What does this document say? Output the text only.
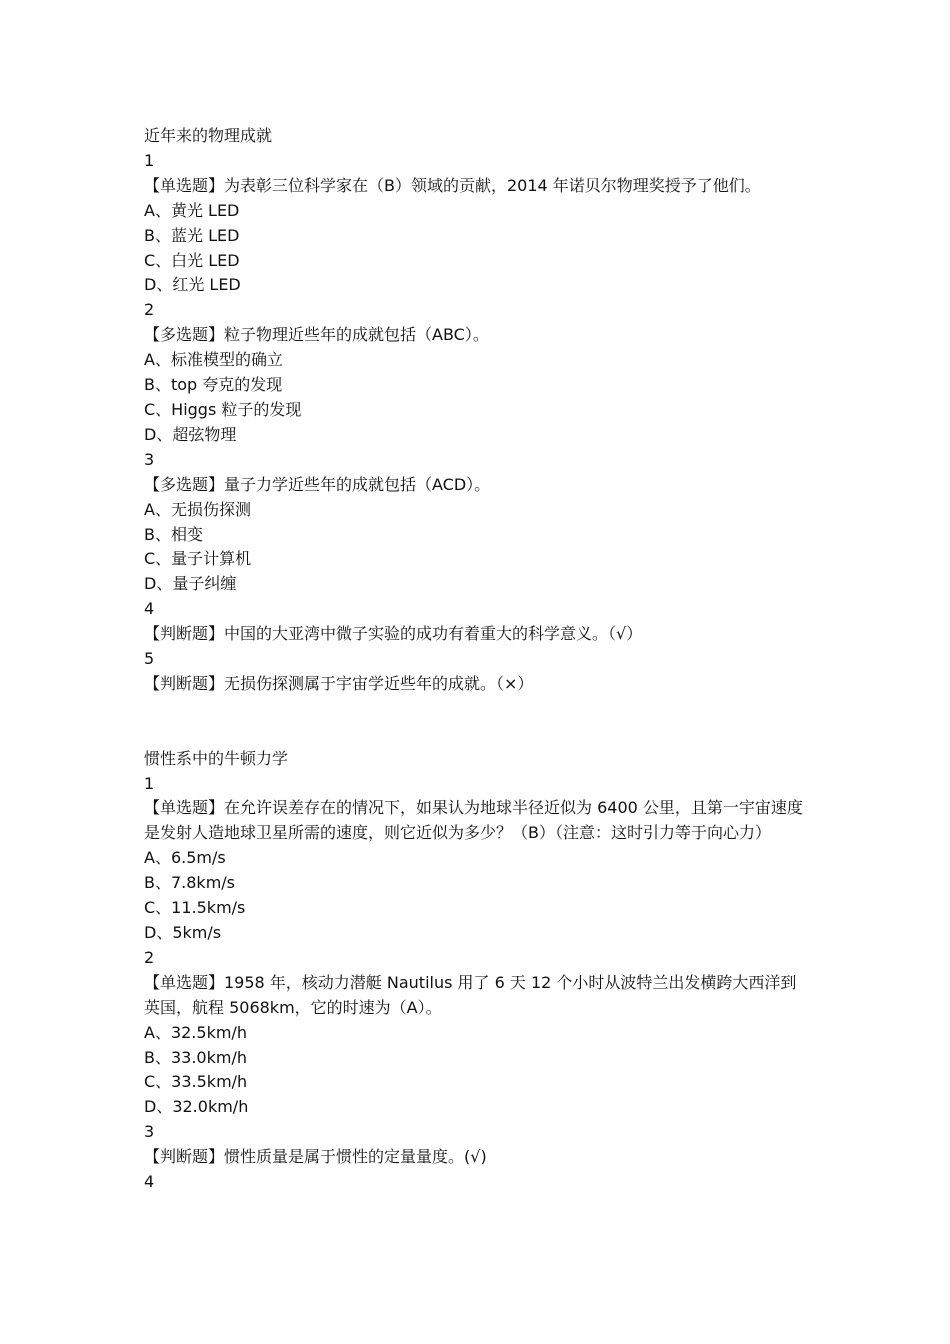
近年来的物理成就

1

【单选题】为表彰三位科学家在（B）领域的贡献，2014 年诺贝尔物理奖授予了他们。

A、黄光 LED

B、蓝光 LED

C、白光 LED

D、红光 LED

2

【多选题】粒子物理近些年的成就包括（ABC）。

A、标准模型的确立

B、top 夸克的发现

C、Higgs 粒子的发现

D、超弦物理

3

【多选题】量子力学近些年的成就包括（ACD）。

A、无损伤探测

B、相变

C、量子计算机

D、量子纠缠

4

【判断题】中国的大亚湾中微子实验的成功有着重大的科学意义。（√）

5

【判断题】无损伤探测属于宇宙学近些年的成就。（×）

惯性系中的牛顿力学

1

【单选题】在允许误差存在的情况下，如果认为地球半径近似为 6400 公里，且第一宇宙速度是发射人造地球卫星所需的速度，则它近似为多少？（B）（注意：这时引力等于向心力）

A、6.5m/s

B、7.8km/s

C、11.5km/s

D、5km/s

2

【单选题】1958 年，核动力潜艇 Nautilus 用了 6 天 12 个小时从波特兰出发横跨大西洋到英国，航程 5068km，它的时速为（A）。

A、32.5km/h

B、33.0km/h

C、33.5km/h

D、32.0km/h

3

【判断题】惯性质量是属于惯性的定量量度。(√)

4
